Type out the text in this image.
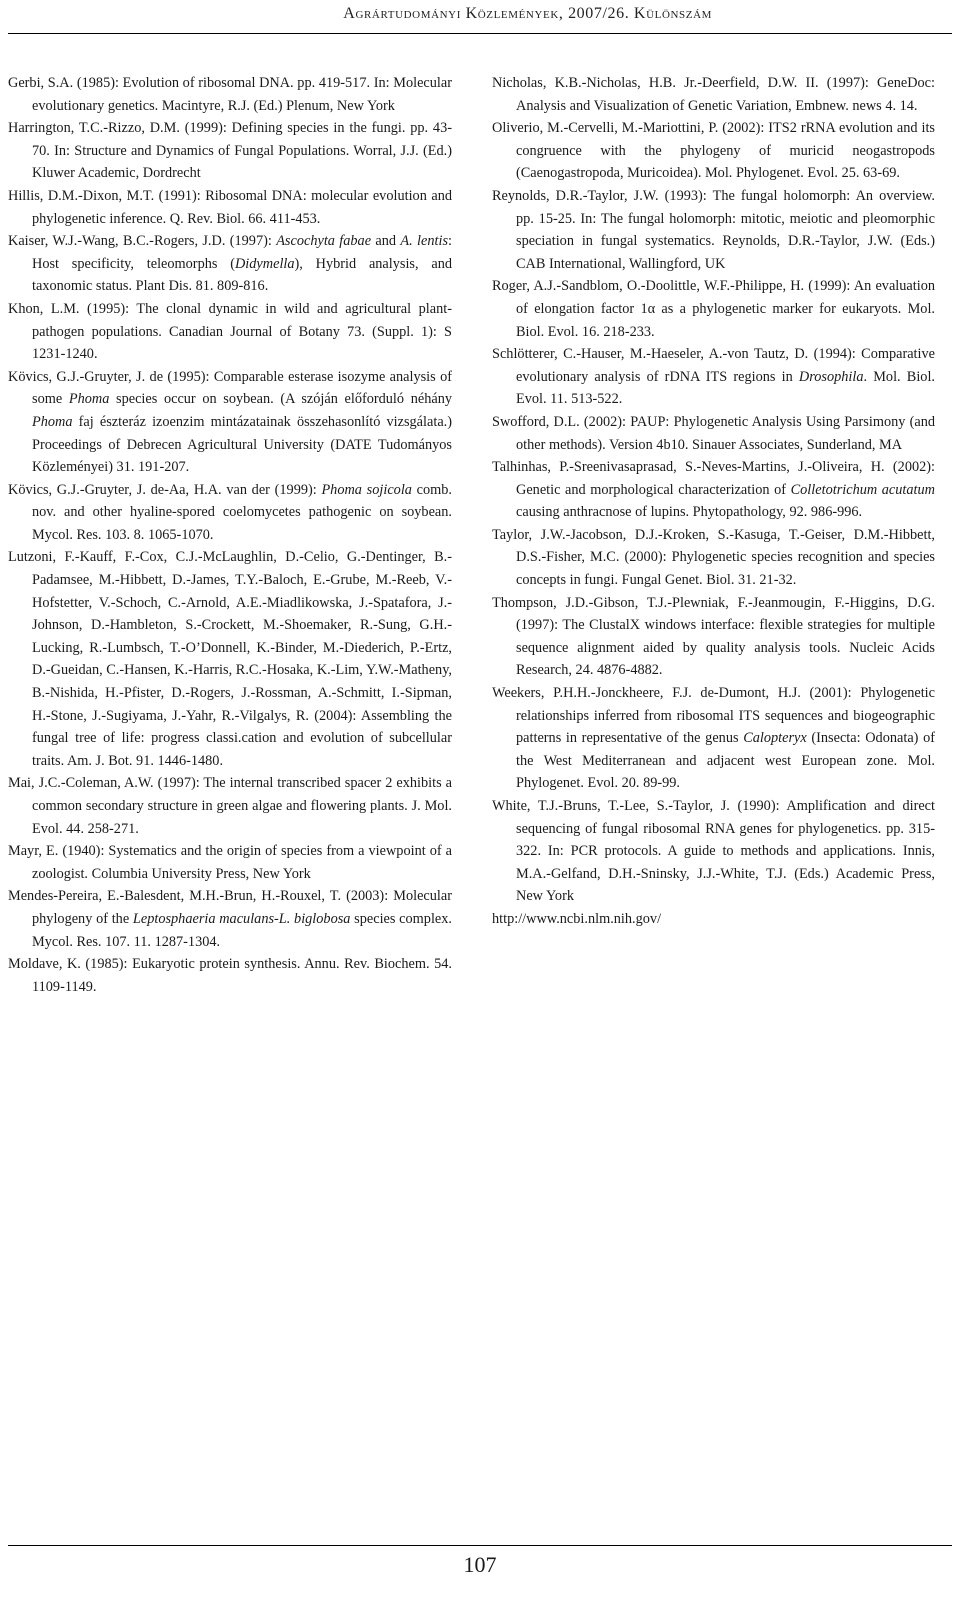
Agrártudományi Közlemények, 2007/26. Különszám

Gerbi, S.A. (1985): Evolution of ribosomal DNA. pp. 419-517. In: Molecular evolutionary genetics. Macintyre, R.J. (Ed.) Plenum, New York

Harrington, T.C.-Rizzo, D.M. (1999): Defining species in the fungi. pp. 43-70. In: Structure and Dynamics of Fungal Populations. Worral, J.J. (Ed.) Kluwer Academic, Dordrecht

Hillis, D.M.-Dixon, M.T. (1991): Ribosomal DNA: molecular evolution and phylogenetic inference. Q. Rev. Biol. 66. 411-453.

Kaiser, W.J.-Wang, B.C.-Rogers, J.D. (1997): Ascochyta fabae and A. lentis: Host specificity, teleomorphs (Didymella), Hybrid analysis, and taxonomic status. Plant Dis. 81. 809-816.

Khon, L.M. (1995): The clonal dynamic in wild and agricultural plant-pathogen populations. Canadian Journal of Botany 73. (Suppl. 1): S 1231-1240.

Kövics, G.J.-Gruyter, J. de (1995): Comparable esterase isozyme analysis of some Phoma species occur on soybean. (A szóján előforduló néhány Phoma faj észteráz izoenzim mintázatainak összehasonlító vizsgálata.) Proceedings of Debrecen Agricultural University (DATE Tudományos Közleményei) 31. 191-207.

Kövics, G.J.-Gruyter, J. de-Aa, H.A. van der (1999): Phoma sojicola comb. nov. and other hyaline-spored coelomycetes pathogenic on soybean. Mycol. Res. 103. 8. 1065-1070.

Lutzoni, F.-Kauff, F.-Cox, C.J.-McLaughlin, D.-Celio, G.-Dentinger, B.-Padamsee, M.-Hibbett, D.-James, T.Y.-Baloch, E.-Grube, M.-Reeb, V.-Hofstetter, V.-Schoch, C.-Arnold, A.E.-Miadlikowska, J.-Spatafora, J.-Johnson, D.-Hambleton, S.-Crockett, M.-Shoemaker, R.-Sung, G.H.-Lucking, R.-Lumbsch, T.-O’Donnell, K.-Binder, M.-Diederich, P.-Ertz, D.-Gueidan, C.-Hansen, K.-Harris, R.C.-Hosaka, K.-Lim, Y.W.-Matheny, B.-Nishida, H.-Pfister, D.-Rogers, J.-Rossman, A.-Schmitt, I.-Sipman, H.-Stone, J.-Sugiyama, J.-Yahr, R.-Vilgalys, R. (2004): Assembling the fungal tree of life: progress classi.cation and evolution of subcellular traits. Am. J. Bot. 91. 1446-1480.

Mai, J.C.-Coleman, A.W. (1997): The internal transcribed spacer 2 exhibits a common secondary structure in green algae and flowering plants. J. Mol. Evol. 44. 258-271.

Mayr, E. (1940): Systematics and the origin of species from a viewpoint of a zoologist. Columbia University Press, New York

Mendes-Pereira, E.-Balesdent, M.H.-Brun, H.-Rouxel, T. (2003): Molecular phylogeny of the Leptosphaeria maculans-L. biglobosa species complex. Mycol. Res. 107. 11. 1287-1304.

Moldave, K. (1985): Eukaryotic protein synthesis. Annu. Rev. Biochem. 54. 1109-1149.

Nicholas, K.B.-Nicholas, H.B. Jr.-Deerfield, D.W. II. (1997): GeneDoc: Analysis and Visualization of Genetic Variation, Embnew. news 4. 14.

Oliverio, M.-Cervelli, M.-Mariottini, P. (2002): ITS2 rRNA evolution and its congruence with the phylogeny of muricid neogastropods (Caenogastropoda, Muricoidea). Mol. Phylogenet. Evol. 25. 63-69.

Reynolds, D.R.-Taylor, J.W. (1993): The fungal holomorph: An overview. pp. 15-25. In: The fungal holomorph: mitotic, meiotic and pleomorphic speciation in fungal systematics. Reynolds, D.R.-Taylor, J.W. (Eds.) CAB International, Wallingford, UK

Roger, A.J.-Sandblom, O.-Doolittle, W.F.-Philippe, H. (1999): An evaluation of elongation factor 1α as a phylogenetic marker for eukaryots. Mol. Biol. Evol. 16. 218-233.

Schlötterer, C.-Hauser, M.-Haeseler, A.-von Tautz, D. (1994): Comparative evolutionary analysis of rDNA ITS regions in Drosophila. Mol. Biol. Evol. 11. 513-522.

Swofford, D.L. (2002): PAUP: Phylogenetic Analysis Using Parsimony (and other methods). Version 4b10. Sinauer Associates, Sunderland, MA

Talhinhas, P.-Sreenivasaprasad, S.-Neves-Martins, J.-Oliveira, H. (2002): Genetic and morphological characterization of Colletotrichum acutatum causing anthracnose of lupins. Phytopathology, 92. 986-996.

Taylor, J.W.-Jacobson, D.J.-Kroken, S.-Kasuga, T.-Geiser, D.M.-Hibbett, D.S.-Fisher, M.C. (2000): Phylogenetic species recognition and species concepts in fungi. Fungal Genet. Biol. 31. 21-32.

Thompson, J.D.-Gibson, T.J.-Plewniak, F.-Jeanmougin, F.-Higgins, D.G. (1997): The ClustalX windows interface: flexible strategies for multiple sequence alignment aided by quality analysis tools. Nucleic Acids Research, 24. 4876-4882.

Weekers, P.H.H.-Jonckheere, F.J. de-Dumont, H.J. (2001): Phylogenetic relationships inferred from ribosomal ITS sequences and biogeographic patterns in representative of the genus Calopteryx (Insecta: Odonata) of the West Mediterranean and adjacent west European zone. Mol. Phylogenet. Evol. 20. 89-99.

White, T.J.-Bruns, T.-Lee, S.-Taylor, J. (1990): Amplification and direct sequencing of fungal ribosomal RNA genes for phylogenetics. pp. 315-322. In: PCR protocols. A guide to methods and applications. Innis, M.A.-Gelfand, D.H.-Sninsky, J.J.-White, T.J. (Eds.) Academic Press, New York

http://www.ncbi.nlm.nih.gov/

107
